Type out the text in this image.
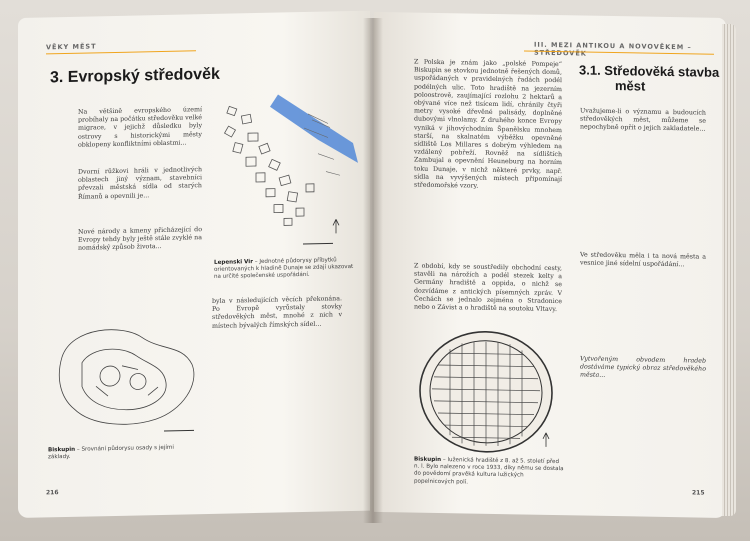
VĚKY MĚST
3. Evropský středověk
Na většině evropského území probíhaly na počátku středověku velké migrace, v jejichž důsledku byly ostrovy s historickými městy obklopeny konfliktními oblastmi...
Dvorní růžkovi hráli v jednotlivých oblastech jiný význam, stavebníci převzali městská sídla od starých Římanů a opevnili je...
Nové národy a kmeny přicházející do Evropy tehdy byly ještě stále zvyklé na nomádský způsob života...
Lepenski Vir – Jednotné půdorysy příbytků orientovaných k hladině Dunaje se zdají ukazovat na určité společenské uspořádání.
byla v následujících věcích překonána. Po Evropě vyrůstaly stovky středověkých měst, mnohé z nich v místech bývalých římských sídel...
Biskupin – Srovnání půdorysu osady s jejími základy.
216
III. MEZI ANTIKOU A NOVOVĚKEM – STŘEDOVĚK
Z Polska je znám jako „polské Pompeje“ Biskupin se stovkou jednotně řešených domů, uspořádaných v pravidelných řadách podél podélných ulic. Toto hradiště na jezerním poloostrově, zaujímající rozlohu 2 hektarů a obývané více než tisícem lidí, chránily čtyři metry vysoké dřevěné palisády, doplněné dubovými vlnolamy. Z druhého konce Evropy vyniká v jihovýchodním Španělsku mnohem starší, na skalnatém výběžku opevněné sídliště Los Millares s dobrým výhledem na vzdálený pobřeží. Rovněž na sídlištích Zambujal a opevnění Heuneburg na horním toku Dunaje, v nichž některé prvky, např. sídla na vyvýšených místech připomínají středomořské vzory.
Z období, kdy se soustředily obchodní cesty, stavěli na nárožích a podél stezek kelty a Germány hradiště a oppida, o nichž se dozvídáme z antických písemných zpráv. V Čechách se jednalo zejména o Stradonice nebo o Závist a o hradiště na soutoku Vltavy.
3.1. Středověká stavba
měst
Uvažujeme-li o významu a budoucích středověkých měst, můžeme se nepochybně opřít o jejich zakladatele...
Ve středověku měla i ta nová města a vesnice jiné sídelní uspořádání...
Vytvořeným obvodem hradeb dostáváme typický obraz středověkého města...
Biskupin – luženická hradiště z 8. až 5. století před n. l. Bylo nalezeno v roce 1933, díky němu se dostala do povědomí pravěká kultura lužických popelnicových polí.
215
